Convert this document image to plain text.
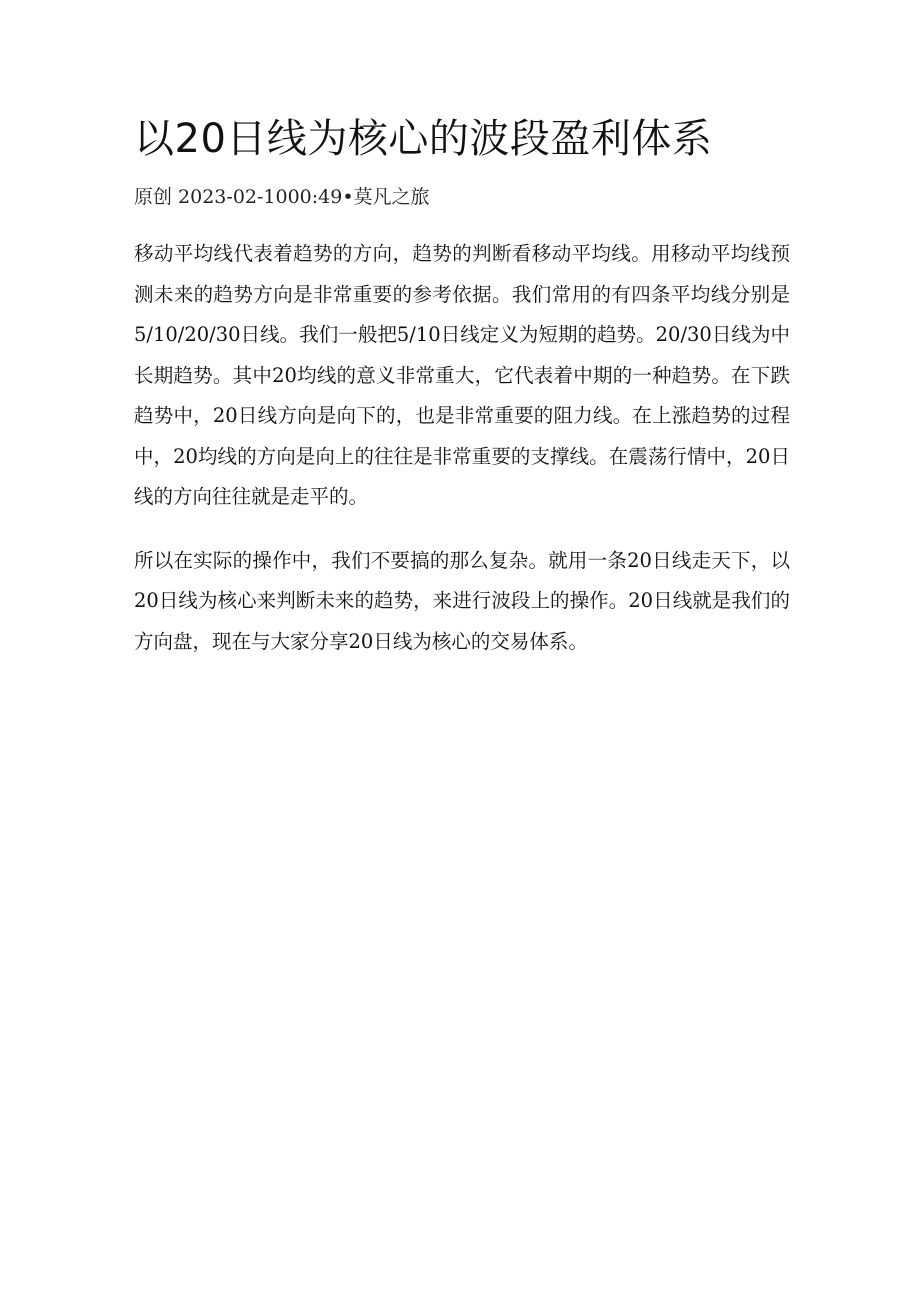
以20日线为核心的波段盈利体系
原创 2023-02-1000:49•莫凡之旅

移动平均线代表着趋势的方向，趋势的判断看移动平均线。用移动平均线预测未来的趋势方向是非常重要的参考依据。我们常用的有四条平均线分别是5/10/20/30日线。我们一般把5/10日线定义为短期的趋势。20/30日线为中长期趋势。其中20均线的意义非常重大，它代表着中期的一种趋势。在下跌趋势中，20日线方向是向下的，也是非常重要的阻力线。在上涨趋势的过程中，20均线的方向是向上的往往是非常重要的支撑线。在震荡行情中，20日线的方向往往就是走平的。

所以在实际的操作中，我们不要搞的那么复杂。就用一条20日线走天下，以20日线为核心来判断未来的趋势，来进行波段上的操作。20日线就是我们的方向盘，现在与大家分享20日线为核心的交易体系。
